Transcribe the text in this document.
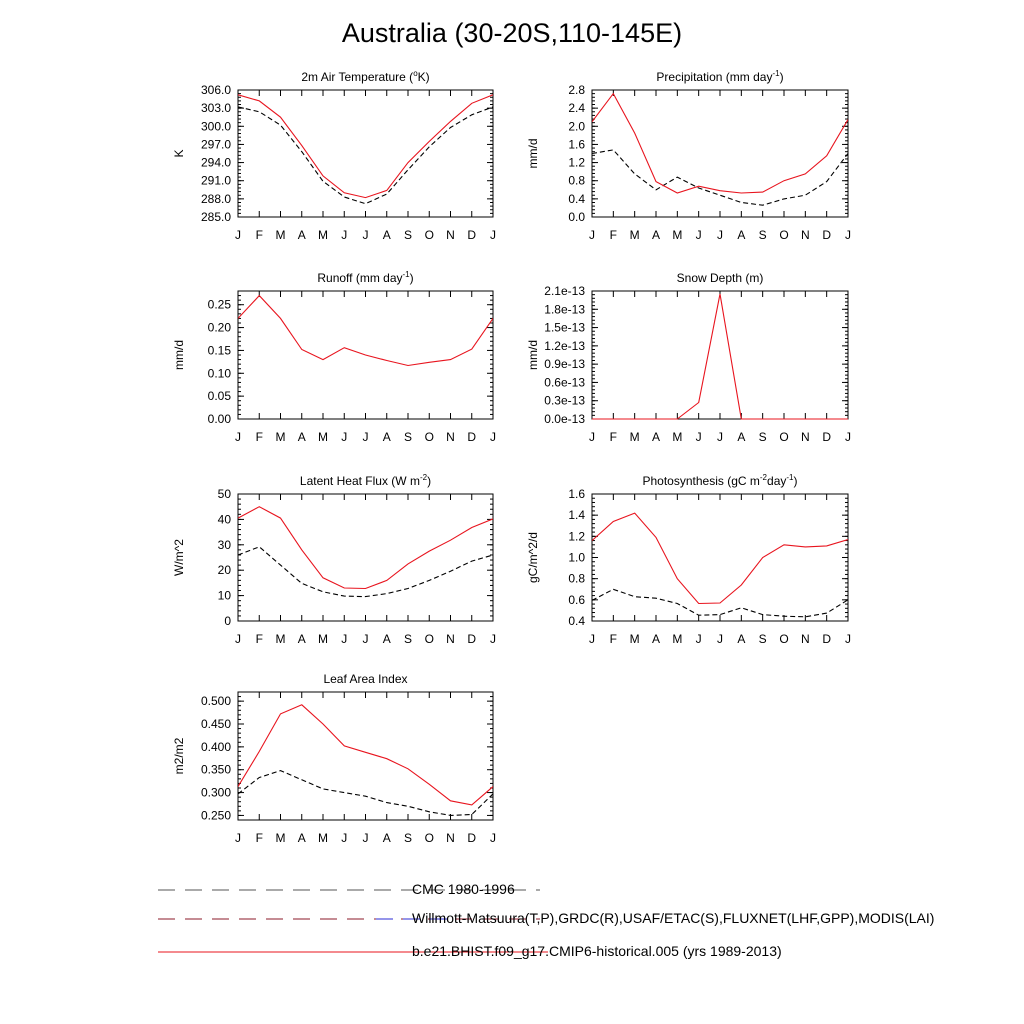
Australia (30-20S,110-145E)
2m Air Temperature ($^o$K)
306.0
303.0
300.0
297.0
294.0
291.0
288.0
285.0
J F M A M J J A S O N D J
K
Precipitation (mm day$^{-1}$)
2.8
2.4
2.0
1.6
1.2
0.8
0.4
0.0
J F M A M J J A S O N D J
mm/d
Runoff (mm day$^{-1}$)
0.25
0.20
0.15
0.10
0.05
0.00
J F M A M J J A S O N D J
mm/d
Snow Depth (m)
2.1e-13
1.8e-13
1.5e-13
1.2e-13
0.9e-13
0.6e-13
0.3e-13
0.0e-13
J F M A M J J A S O N D J
mm/d
Latent Heat Flux (W $m^{-2}$)
50
40
30
20
10
0
J F M A M J J A S O N D J
W/m^2
Photosynthesis (gC $m^{-2}day^{-1}$)
1.6
1.4
1.2
1.0
0.8
0.6
0.4
J F M A M J J A S O N D J
gC/m^2/d
Leaf Area Index
0.500
0.450
0.400
0.350
0.300
0.250
J F M A M J J A S O N D J
m2/m2
CMC 1980-1996
Willmott-Matsuura(T,P),GRDC(R),USAF/ETAC(S),FLUXNET(LHF,GPP),MODIS(LAI)
b.e21.BHIST.f09_g17.CMIP6-historical.005 (yrs 1989-2013)
